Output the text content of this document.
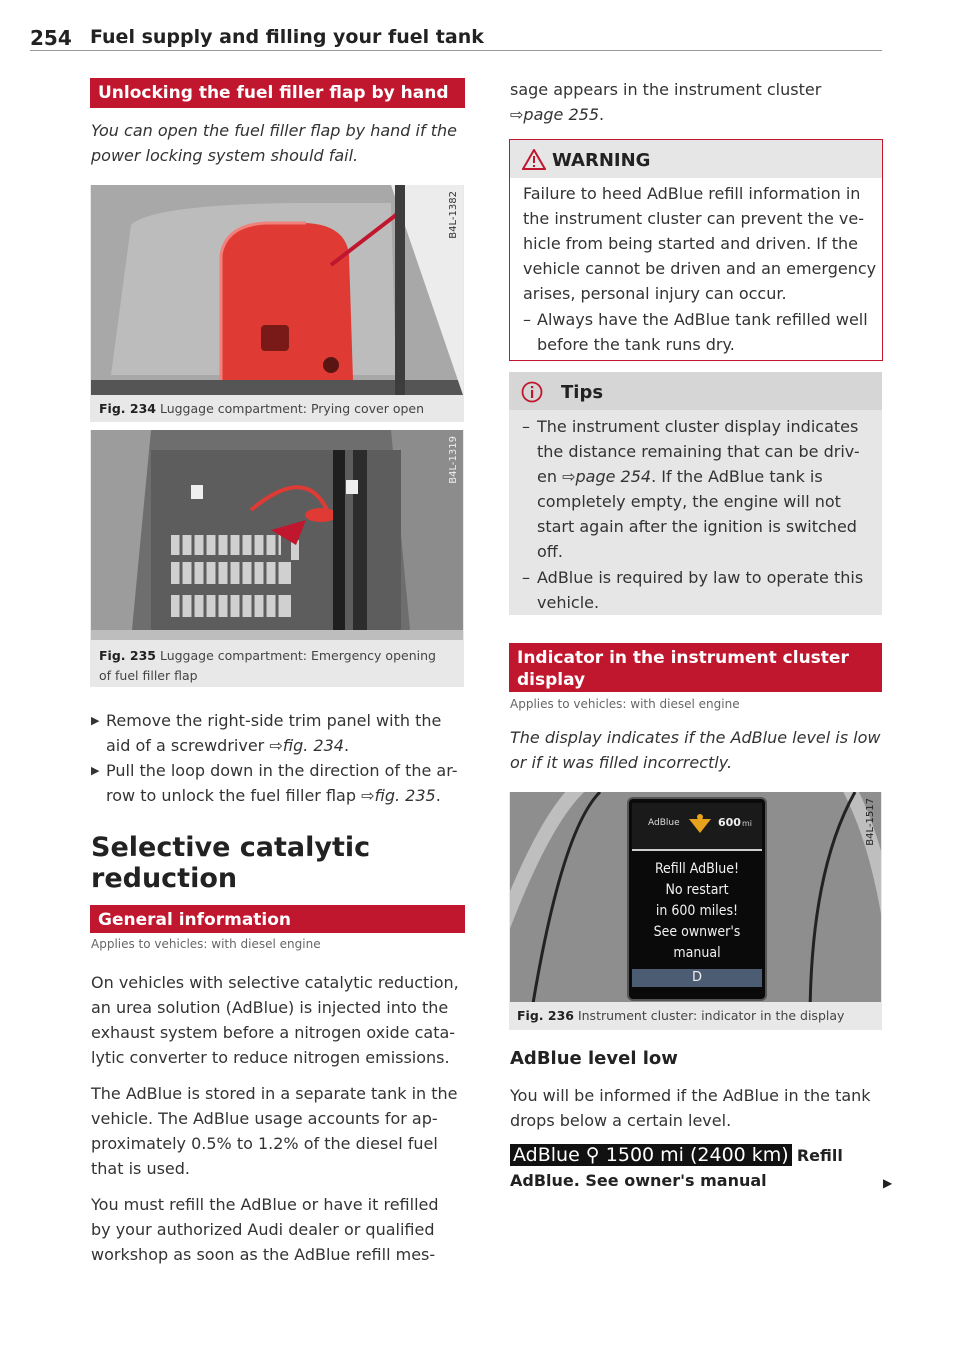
254 Fuel supply and filling your fuel tank
Unlocking the fuel filler flap by hand
You can open the fuel filler flap by hand if the
power locking system should fail.
B4L-1382
Fig. 234 Luggage compartment: Prying cover open
B4L-1319
Fig. 235 Luggage compartment: Emergency opening
of fuel filler flap
▶ Remove the right-side trim panel with the
aid of a screwdriver ⇨fig. 234.
▶ Pull the loop down in the direction of the ar-
row to unlock the fuel filler flap ⇨fig. 235.
Selective catalytic
reduction
General information
Applies to vehicles: with diesel engine
On vehicles with selective catalytic reduction,
an urea solution (AdBlue) is injected into the
exhaust system before a nitrogen oxide cata-
lytic converter to reduce nitrogen emissions.
The AdBlue is stored in a separate tank in the
vehicle. The AdBlue usage accounts for ap-
proximately 0.5% to 1.2% of the diesel fuel
that is used.
You must refill the AdBlue or have it refilled
by your authorized Audi dealer or qualified
workshop as soon as the AdBlue refill mes-
sage appears in the instrument cluster
⇨page 255.
WARNING
Failure to heed AdBlue refill information in
the instrument cluster can prevent the ve-
hicle from being started and driven. If the
vehicle cannot be driven and an emergency
arises, personal injury can occur.
– Always have the AdBlue tank refilled well
before the tank runs dry.
Tips
– The instrument cluster display indicates
the distance remaining that can be driv-
en ⇨page 254. If the AdBlue tank is
completely empty, the engine will not
start again after the ignition is switched
off.
– AdBlue is required by law to operate this
vehicle.
Indicator in the instrument cluster
display
Applies to vehicles: with diesel engine
The display indicates if the AdBlue level is low
or if it was filled incorrectly.
AdBlue	600 mi
Refill AdBlue!
No restart
in 600 miles!
See ownwer's
manual
D
B4L-1517
Fig. 236 Instrument cluster: indicator in the display
AdBlue level low
You will be informed if the AdBlue in the tank
drops below a certain level.
AdBlue ⚲ 1500 mi (2400 km) Refill
AdBlue. See owner's manual	▶
